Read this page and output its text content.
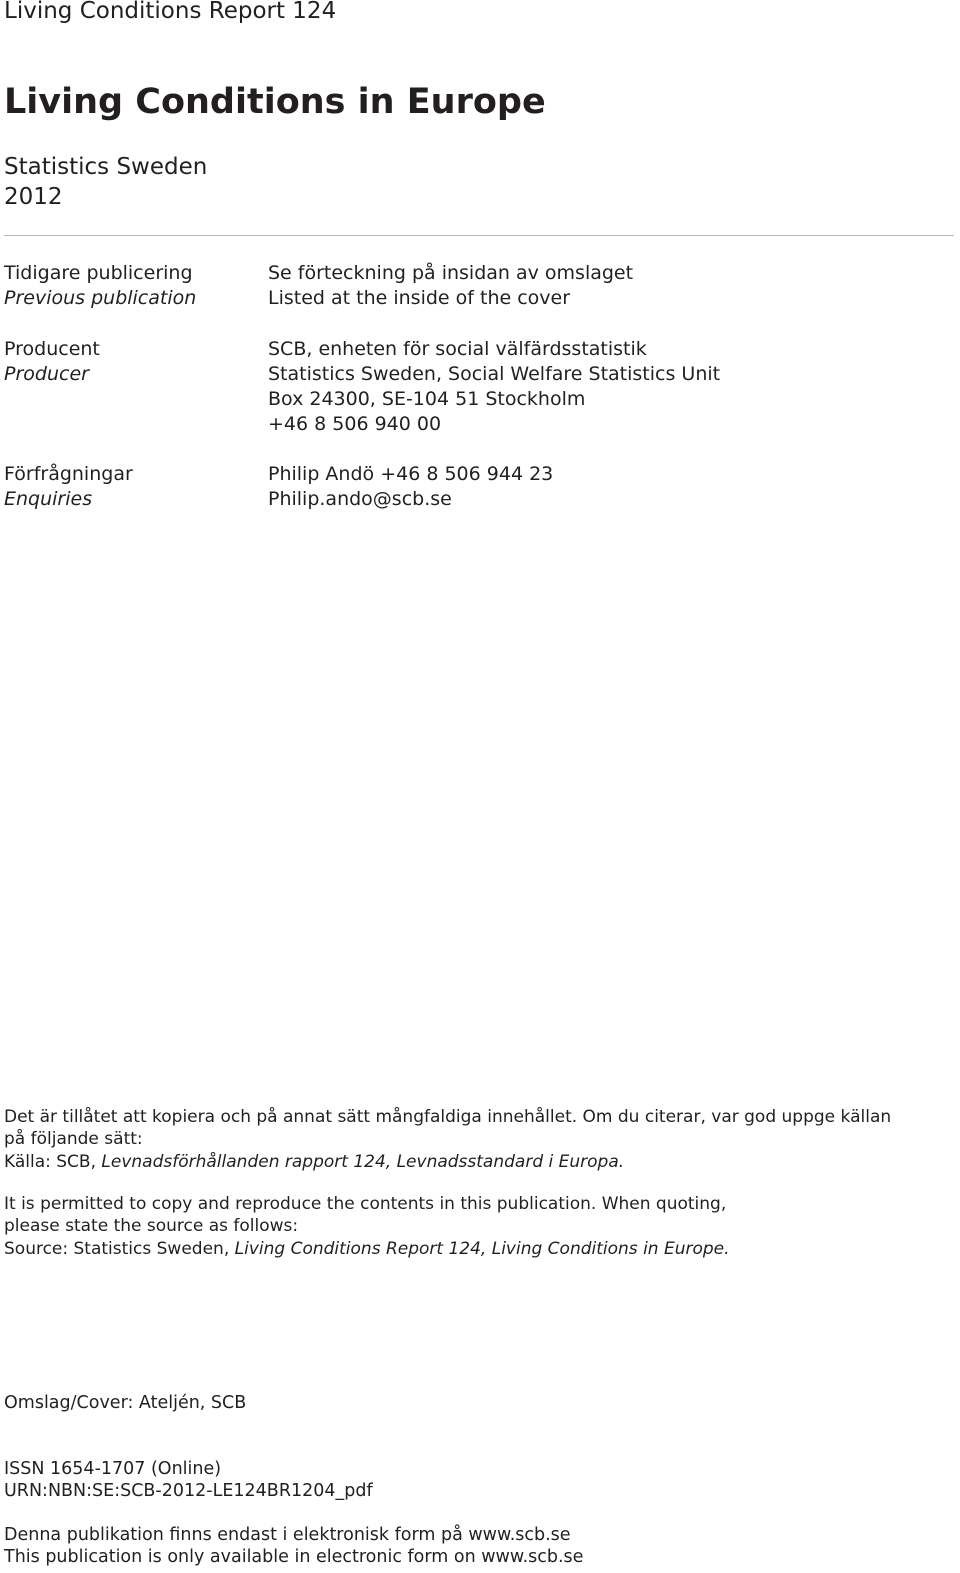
Living Conditions Report 124
Living Conditions in Europe
Statistics Sweden
2012
Tidigare publicering
Previous publication
Se förteckning på insidan av omslaget
Listed at the inside of the cover
Producent
Producer
SCB, enheten för social välfärdsstatistik
Statistics Sweden, Social Welfare Statistics Unit
Box 24300, SE-104 51 Stockholm
+46 8 506 940 00
Förfrågningar
Enquiries
Philip Andö +46 8 506 944 23
Philip.ando@scb.se
Det är tillåtet att kopiera och på annat sätt mångfaldiga innehållet. Om du citerar, var god uppge källan
på följande sätt:
Källa: SCB, Levnadsförhållanden rapport 124, Levnadsstandard i Europa.
It is permitted to copy and reproduce the contents in this publication. When quoting,
please state the source as follows:
Source: Statistics Sweden, Living Conditions Report 124, Living Conditions in Europe.
Omslag/Cover: Ateljén, SCB
ISSN 1654-1707 (Online)
URN:NBN:SE:SCB-2012-LE124BR1204_pdf
Denna publikation finns endast i elektronisk form på www.scb.se
This publication is only available in electronic form on www.scb.se
